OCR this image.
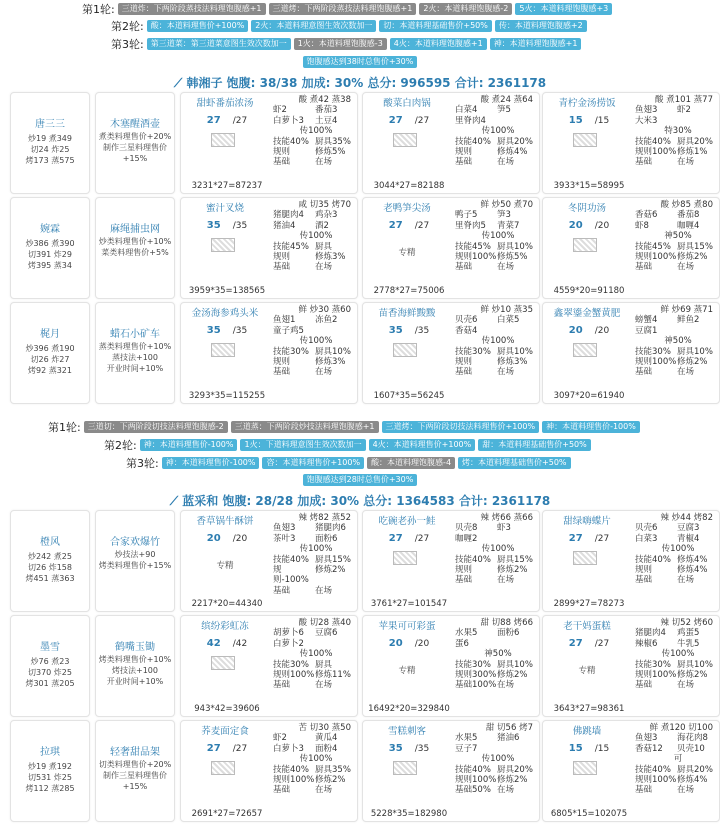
第1轮: 三道炸：下两阶段蒸技法料理饱腹感+1	三道烤：下两阶段蒸技法料理饱腹感+1	2火：本道料理饱腹感-2	5火：本道料理饱腹感+3
第2轮: 酸：本道料理售价+100%	2火：本道料理意图生效次数加一	切：本道料理基础售价+50%	传：本道料理饱腹感+2
第3轮: 第三道菜：第三道菜意图生效次数加一	1火：本道料理饱腹感-3	4火：本道料理饱腹感+1	神：本道料理饱腹感+1
饱腹感达到38时总售价+30%
⟋ 韩湘子 饱腹: 38/38 加成: 30% 总分: 996595 合计: 2361178
唐三三
炒19 煮349
切24 炸25
烤173 蒸575
木塞醒酒壶
煮类料理售价+20%
制作三星料理售价
+15%
甜虾番茄浓汤
27 /27
3231*27=87237
酸 煮42 蒸38
虾2	番茄3
白萝卜3	土豆4
传100%
技能40% 厨具35%
规则	修炼5%
基础	在场
酸菜白肉锅
27 /27
3044*27=82188
酸 煮24 蒸64
白菜4	笋5
里脊肉4
传100%
技能40% 厨具20%
规则	修炼4%
基础	在场
青柠金汤捞饭
15 /15
3933*15=58995
酸 煮101 蒸77
鱼翅3	虾2
大米3
特30%
技能40% 厨具20%
规则100% 修炼1%
基础	在场
婉霖
炒386 煮390
切391 炸29
烤395 蒸34
麻绳捕虫网
炒类料理售价+10%
菜类料理售价+5%
蜜汁叉烧
35 /35
3959*35=138565
咸 切35 烤70
猪腿肉4	鸡杂3
猪油4	酒2
传100%
技能45% 厨具
规则	修炼3%
基础	在场
老鸭笋尖汤
27 /27
专精
2778*27=75006
鲜 炒50 煮70
鸭子5	笋3
里脊肉5	青菜7
传100%
技能45% 厨具10%
规则100% 修炼5%
基础	在场
冬阴功汤
20 /20
4559*20=91180
酸 炒85 煮80
香菇6	番茄8
虾8	咖喱4
神50%
技能45% 厨具15%
规则100% 修炼2%
基础	在场
梶月
炒396 煮190
切26 炸27
烤92 蒸321
蜡石小矿车
蒸类料理售价+10%
蒸技法+100
开业时间+10%
金汤海参鸡头米
35 /35
3293*35=115255
鲜 炒30 蒸60
鱼翅1	冻鱼2
童子鸡5
传100%
技能30% 厨具10%
规则	修炼3%
基础	在场
苗香海鲜黢黢
35 /35
1607*35=56245
鲜 炒10 蒸35
贝壳6	白菜5
香菇4
传100%
技能30% 厨具10%
规则	修炼3%
基础	在场
鑫翠鎏金蟹黄肥
20 /20
3097*20=61940
鲜 炒69 蒸71
螃蟹4	鲜鱼2
豆腐1
神50%
技能30% 厨具10%
规则100% 修炼2%
基础	在场
第1轮: 三道切：下两阶段切技法料理饱腹感-2	三道蒸：下两阶段炒技法料理饱腹感+1	三道烤：下两阶段切技法料理售价+100%	神：本道料理售价-100%
第2轮: 神：本道料理售价-100%	1火：下道料理意图生效次数加一	4火：本道料理售价+100%	甜：本道料理基础售价+50%
第3轮: 神：本道料理售价-100%	咨：本道料理售价+100%	酸：本道料理饱腹感-4	烤：本道料理基础售价+50%
饱腹感达到28时总售价+30%
⟋ 蓝采和 饱腹: 28/28 加成: 30% 总分: 1364583 合计: 2361178
橙风
炒242 煮25
切26 炸158
烤451 蒸363
合家欢爆竹
炒技法+90
烤类料理售价+15%
香草锅牛酥饼
20 /20
专精
2217*20=44340
辣 烤82 蒸52
鱼翅3	猪腿肉6
茶叶3	面粉6
传100%
技能40% 厨具15%
规则-100%
修炼2%
基础	在场
吃碗老孙一鲑
27 /27
3761*27=101547
辣 烤66 蒸66
贝壳8	虾3
咖喱2
传100%
技能40% 厨具15%
规则	修炼2%
基础	在场
甜绿嗨蝶片
27 /27
2899*27=78273
辣 炒44 烤82
贝壳6	豆腐3
白菜3	青椒4
传100%
技能40% 修炼4%
规则	修炼4%
基础	在场
墨雪
炒76 煮23
切370 炸25
烤301 蒸205
鹤嘴玉锄
烤类料理售价+10%
烤技法+100
开业时间+10%
缤纷彩虹冻
42 /42
943*42=39606
酸 切28 蒸40
胡萝卜6	豆腐6
白萝卜2
传100%
技能30% 厨具
规则100% 修炼11%
基础	在场
苹果可可彩蛋
20 /20
专精
16492*20=329840
甜 切88 烤66
水果5	面粉6
蛋6
神50%
技能30% 厨具10%
规则300% 修炼2%
基础100% 在场
老干妈蛋糕
27 /27
专精
3643*27=98361
辣 切52 烤60
猪腿肉4	鸡蛋5
辣椒6	牛乳5
传100%
技能30% 厨具10%
规则100% 修炼2%
基础	在场
拉琪
炒19 煮192
切531 炸25
烤112 蒸285
轻奢甜品架
切类料理售价+20%
制作三星料理售价
+15%
荞麦面定食
27 /27
2691*27=72657
苦 切30 蒸50
虾2	黄瓜4
白萝卜3	面粉4
传100%
技能40% 厨具35%
规则100% 修炼2%
基础	在场
雪糕刺客
35 /35
5228*35=182980
甜 切56 烤7
水果5	猪油6
豆子7
传100%
技能40% 厨具20%
规则100% 修炼2%
基础50% 在场
佛跳墙
15 /15
6805*15=102075
鲜 煮120 切100
鱼翅3	海花肉8
香菇12	贝壳10
可
技能40% 厨具20%
规则100% 修炼4%
基础	在场
